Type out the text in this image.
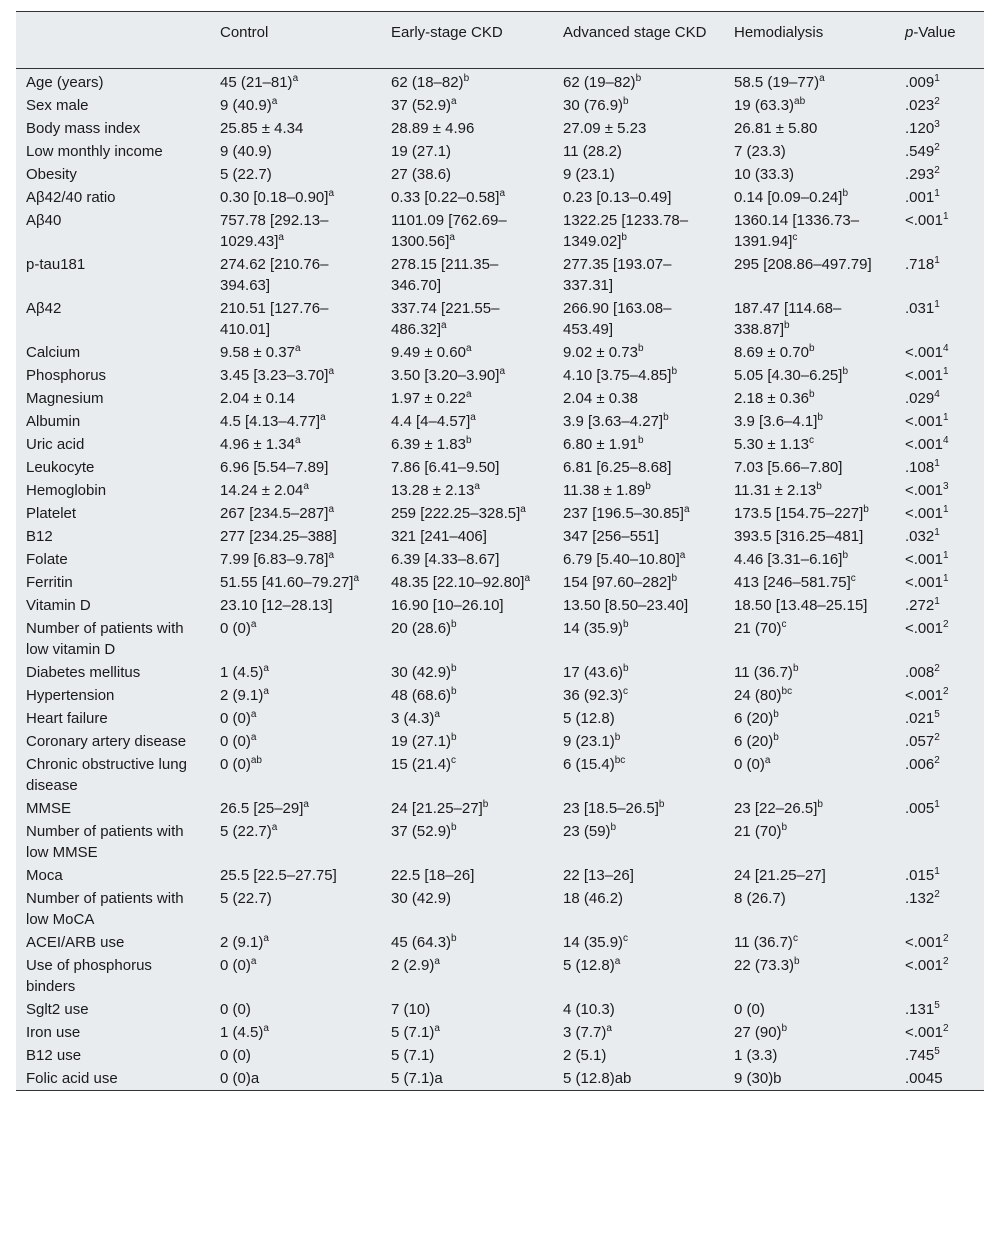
	Control	Early-stage CKD	Advanced stage CKD	Hemodialysis	p-Value
Age (years)	45 $(21-81)^a$	62 $(18-82)^b$	62 $(19-82)^b$	58.5 $(19-77)^a$	.009$^1$
Sex male	9 $(40.9)^a$	37 $(52.9)^a$	30 $(76.9)^b$	19 $(63.3)^{ab}$	.023$^2$
Body mass index	25.85 ± 4.34	28.89 ± 4.96	27.09 ± 5.23	26.81 ± 5.80	.120$^3$
Low monthly income	9 (40.9)	19 (27.1)	11 (28.2)	7 (23.3)	.549$^2$
Obesity	5 (22.7)	27 (38.6)	9 (23.1)	10 (33.3)	.293$^2$
Aβ42/40 ratio	0.30 $[0.18-0.90]^a$	0.33 $[0.22-0.58]^a$	0.23 [0.13–0.49]	0.14 $[0.09-0.24]^b$	.001$^1$
Aβ40	757.78 $[292.13-1029.43]^a$	1101.09 $[762.69-1300.56]^a$	1322.25 $[1233.78-1349.02]^b$	1360.14 $[1336.73-1391.94]^c$	$<.001^1$
p-tau181	274.62 [210.76–394.63]	278.15 [211.35–346.70]	277.35 [193.07–337.31]	295 [208.86–497.79]	.718$^1$
Aβ42	210.51 [127.76–410.01]	337.74 $[221.55-486.32]^a$	266.90 [163.08–453.49]	187.47 $[114.68-338.87]^b$	.031$^1$
Calcium	9.58 ± 0.37$^a$	9.49 ± 0.60$^a$	9.02 ± 0.73$^b$	8.69 ± 0.70$^b$	$<.001^4$
Phosphorus	3.45 $[3.23-3.70]^a$	3.50 $[3.20-3.90]^a$	4.10 $[3.75-4.85]^b$	5.05 $[4.30-6.25]^b$	$<.001^1$
Magnesium	2.04 ± 0.14	1.97 ± 0.22$^a$	2.04 ± 0.38	2.18 ± 0.36$^b$	.029$^4$
Albumin	4.5 $[4.13-4.77]^a$	4.4 $[4-4.57]^a$	3.9 $[3.63-4.27]^b$	3.9 $[3.6-4.1]^b$	$<.001^1$
Uric acid	4.96 ± 1.34$^a$	6.39 ± 1.83$^b$	6.80 ± 1.91$^b$	5.30 ± 1.13$^c$	$<.001^4$
Leukocyte	6.96 [5.54–7.89]	7.86 [6.41–9.50]	6.81 [6.25–8.68]	7.03 [5.66–7.80]	.108$^1$
Hemoglobin	14.24 ± 2.04$^a$	13.28 ± 2.13$^a$	11.38 ± 1.89$^b$	11.31 ± 2.13$^b$	$<.001^3$
Platelet	267 $[234.5-287]^a$	259 $[222.25-328.5]^a$	237 $[196.5-30.85]^a$	173.5 $[154.75-227]^b$	$<.001^1$
B12	277 [234.25–388]	321 [241–406]	347 [256–551]	393.5 [316.25–481]	.032$^1$
Folate	7.99 $[6.83-9.78]^a$	6.39 [4.33–8.67]	6.79 $[5.40-10.80]^a$	4.46 $[3.31-6.16]^b$	$<.001^1$
Ferritin	51.55 $[41.60-79.27]^a$	48.35 $[22.10-92.80]^a$	154 $[97.60-282]^b$	413 $[246-581.75]^c$	$<.001^1$
Vitamin D	23.10 [12–28.13]	16.90 [10–26.10]	13.50 [8.50–23.40]	18.50 [13.48–25.15]	.272$^1$
Number of patients with low vitamin D	0 $(0)^a$	20 $(28.6)^b$	14 $(35.9)^b$	21 $(70)^c$	$<.001^2$
Diabetes mellitus	1 $(4.5)^a$	30 $(42.9)^b$	17 $(43.6)^b$	11 $(36.7)^b$	.008$^2$
Hypertension	2 $(9.1)^a$	48 $(68.6)^b$	36 $(92.3)^c$	24 $(80)^{bc}$	$<.001^2$
Heart failure	0 $(0)^a$	3 $(4.3)^a$	5 (12.8)	6 $(20)^b$	.021$^5$
Coronary artery disease	0 $(0)^a$	19 $(27.1)^b$	9 $(23.1)^b$	6 $(20)^b$	.057$^2$
Chronic obstructive lung disease	0 $(0)^{ab}$	15 $(21.4)^c$	6 $(15.4)^{bc}$	0 $(0)^a$	.006$^2$
MMSE	26.5 $[25-29]^a$	24 $[21.25-27]^b$	23 $[18.5-26.5]^b$	23 $[22-26.5]^b$	.005$^1$
Number of patients with low MMSE	5 $(22.7)^a$	37 $(52.9)^b$	23 $(59)^b$	21 $(70)^b$	
Moca	25.5 [22.5–27.75]	22.5 [18–26]	22 [13–26]	24 [21.25–27]	.015$^1$
Number of patients with low MoCA	5 (22.7)	30 (42.9)	18 (46.2)	8 (26.7)	.132$^2$
ACEI/ARB use	2 $(9.1)^a$	45 $(64.3)^b$	14 $(35.9)^c$	11 $(36.7)^c$	$<.001^2$
Use of phosphorus binders	0 $(0)^a$	2 $(2.9)^a$	5 $(12.8)^a$	22 $(73.3)^b$	$<.001^2$
Sglt2 use	0 (0)	7 (10)	4 (10.3)	0 (0)	.131$^5$
Iron use	1 $(4.5)^a$	5 $(7.1)^a$	3 $(7.7)^a$	27 $(90)^b$	$<.001^2$
B12 use	0 (0)	5 (7.1)	2 (5.1)	1 (3.3)	.745$^5$
Folic acid use	0 (0)a	5 (7.1)a	5 (12.8)ab	9 (30)b	.0045
